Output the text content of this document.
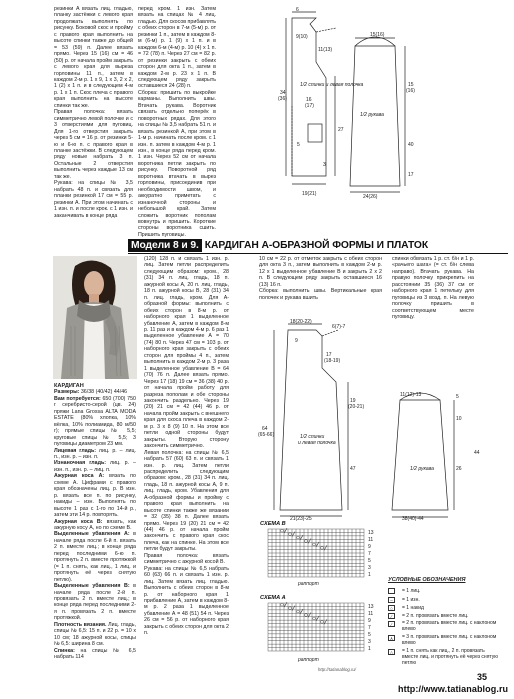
резинки А вязать лиц. гладью, планку застёжки с левого края продолжать выполнять по рисунку. Боковой скос и пройму с правого края выполнить на высоте спинки также до общей = 53 (59) п. Далее вязать прямо. Через 15 (16) см = 46 (50) р. от начала пройм закрыть с левого края для выреза горловины 11 п., затем в каждом 2-м р. 1 х 9, 1 х 3, 2 х 2, 1 (2) х 1 п. и в следующем 4-м р. 1 х 1 п. Скос плеча с правого края выполнить на высоте спинки так же.

Правая полочка: вязать симметрично левой полочке и с 3 отверстиями для пуговиц. Для 1-го отверстия закрыть через 5 см = 16 р. от резинки 5-ю и 6-ю п. с правого края в планке застёжки. В следующем ряду новые набрать 3 п. Остальные 2 отверстия выполнить через каждые 13 см так же.

Рукава: на спицы № 3,5 набрать 48 п. и связать для планки резинкой 17 см = 55 р. резинки А. При этом начинать с 1 изн. п. и после крок. с 1 изн. и заканчивать в конце ряда

перед кром. 1 изн. Затем вязать на спицах № 4 лиц. гладью. Для скосов прибавлять с обеих сторон в 7-м (5-м) р. от резинки 1 п., затем в каждом 8-м (6-м) р. 1 (9) х 1 п. и в каждом 6-м (4-м) р. 10 (4) х 1 п. = 72 (78) п. Через 27 см = 82 р. от резинки закрыть с обеих сторон для окта 1 п., затем в каждом 2-м р. 23 х 1 п. В следующем ряду закрыть оставшиеся 24 (28) п.

Сборка: пришить по выкройке карманы. Выполнить швы. Втачать рукава. Воротник связать отдельно поперёк в поворотных рядах. Для этого на спицы № 3,5 набрать 51 п. и вязать резинкой А, при этом в 1-м р. начинать после кром. с 1 изн. п. затем в каждом 4-м р. 1 изн., в конце ряда перед кром. 1 изн. Через 52 см от начала воротника петли закрыть по рисунку. Поворотной ряд воротника втачать в вырез горловины, присоединив при необходимости швом, и аккуратно приметать с изнаночной стороны и небольшой край. Затем сложить воротник пополам вовнутрь и пришить. Короткие стороны воротника сшить. Пришить пуговицы.

6
15(16)
9(10)
11(13)
34
(36)	16
(17)
15
(16)
40
27
17
19(21)
5
3
24(26)
1/2 спинки и левая полочка
1/2 рукава
Модели 8 и 9. КАРДИГАН А-ОБРАЗНОЙ ФОРМЫ И ПЛАТОК

КАРДИГАН

Размеры: 36/38 (40/42) 44/46

Вам потребуется: 650 (700) 750 г серебристо-серой (цв. 24) пряжи Lana Grossa ALTA MODA ESTATE (80% хлопка, 10% вёлка, 10% полиамида, 80 м/50 г); прямые спицы № 5,5; круговые спицы № 5,5; 3 пуговицы диаметром 23 мм.

Лицевая гладь: лиц. р. – лиц. п., изн. р. – изн. п.

Изнаночная гладь: лиц. р. – изн. п., изн. р. – лиц. п.

Ажурная коса А: вязать по схеме А. Цифрами с правого края обозначены лиц. р. В изн. р. вязать все п. по рисунку, накиды – изн. Выполнять по высоте 1 раз с 1-го по 14-й р., затем эти 14 р. повторять.

Ажурная коса В: вязать, как ажурную косу А, но по схеме В.

Выделенные убавления А: в начале ряда после 6-й п. вязать 2 п. вместе лиц.; в конце ряда перед последними 6-ю п. протянуть 2 п. вместе протяжкой (= 1 п. снять, как лиц., 1 лиц. и протянуть её через снятую петлю).

Выделенные убавления В: в начале ряда после 2-й п. провязать 2 п. вместе лиц.; в конце ряда перед последними 2-я п. провязать 2 п. вместе протяжкой.

Плотность вязания. Лиц. гладь, спицы № 6,5: 15 п. и 22 р. = 10 х 10 см; 18 ажурной косы, спицы № 6,5: ширина 8 см.

Спинка: на спицы № 6,5 набрать 114

(120) 128 п. и связать 1 изн. р. лиц. Затем петли распределить следующим образом: кром., 28 (31) 34 п. лиц. гладь, 18 п. ажурной косы А, 20 п. лиц. гладь, 18 п. ажурной косы В, 28 (31) 34 п. лиц. гладь, кром. Для А-образной формы: выполнить с обеих сторон в 8-м р. от наборного края 1 выделенное убавление А, затем в каждом 8-м р. 11 раз и в каждом 4-м р. 6 раз 1 выделенное убавление А = 70 (74) 80 п. Через 47 см = 103 р. от наборного края закрыть с обеих сторон для проймы 4 п., затем выполнить в каждом 2-м р. 3 раза 1 выделенное убавление В = 64 (70) 76 п. Далее вязать прямо. Через 17 (18) 19 см = 36 (38) 40 р. от начала пройм работу для разреза пополам и обе стороны закончить раздельно. Через 19 (20) 21 см = 42 (44) 46 р. от начала пройм закрыть с внешнего края для скоса плеча в каждом 2-м р. 3 х 8 (9) 10 п. На этом все петли одной стороны будут закрыты. Вторую сторону закончить симметрично.

Левая полочка: на спицы № 6,5 набрать 57 (60) 63 п. и связать 1 изн. р. лиц. Затем петли распределить следующим образом: кром., 28 (31) 34 п. лиц. гладь, 18 п. ажурной косы А, 9 п. лиц. гладь, кром. Убавления для А-образной формы и пройму с правого края выполнить на высоте спинки также же вязании = 32 (35) 38 п. Далее вязать прямо. Через 19 (20) 21 см = 42 (44) 46 р. от начала пройм закончить с правого края скос плеча, как на спинке. На этом все петли будут закрыты.

Правая полочка: вязать симметрично с ажурной косой В.

Рукава: на спицы № 6,5 набрать 60 (63) 66 п. и связать 1 изн. р. лиц. Затем вязать лиц. гладью. Выполнить с обеих сторон в 8-м р. от наборного края 1 прибавление А, затем в каждом 8-м р. 2 раза 1 выделенное убавление А = 48 (51) 54 п. Через 26 см = 56 р. от наборного края закрыть с обеих сторон для окта 2 п.

10 см = 22 р. от отметок закрыть с обеих сторон для окта 3 п., затем выполнить в каждом 2-м р. 12 х 1 выделенное убавление В и закрыть 2 х 2 п. В следующем ряду закрыть оставшиеся 16 (13) 16 п.

Сборка: выполнить швы. Вертикальные края полочек и рукава вшить

спинки обвязать 1 р. ст. б/н и 1 р. «рачьего шага» (= ст. б/н слева направо). Втачать рукава. На правую полочку прикрепить на расстоянии 35 (36) 37 см от наборного края 1 петельку для пуговицы из 3 возд. п. На левую полочку пришить в соответствующем месте пуговицу.

18(20-22)
6(7)-7
9
11(12)-13
64
(65-66)
47
17
(18-19)
19
(20-21)
5
10
26
44
1/2 спинки
и левая полочка
1/2 рукава
21(23)-25	38(40)-44
СХЕМА В
раппорт
СХЕМА А
раппорт
13
11
9
7
5
3
1
13
11
9
7
5
3
1
УСЛОВНЫЕ ОБОЗНАЧЕНИЯ
= 1 лиц.
–	= 1 изн.
○	= 1 накид
⁄	= 2 п. провязать вместе лиц.
⁄	= 2 п. провязать вместе лиц. с наклоном влево
∧	= 3 п. провязать вместе лиц. с наклоном влево
△	= 1 п. снять как лиц., 2 п. провязать вместе лиц. и протянуть её через снятую петлю
http://tatianablog.ru/
35
http://www.tatianablog.ru
